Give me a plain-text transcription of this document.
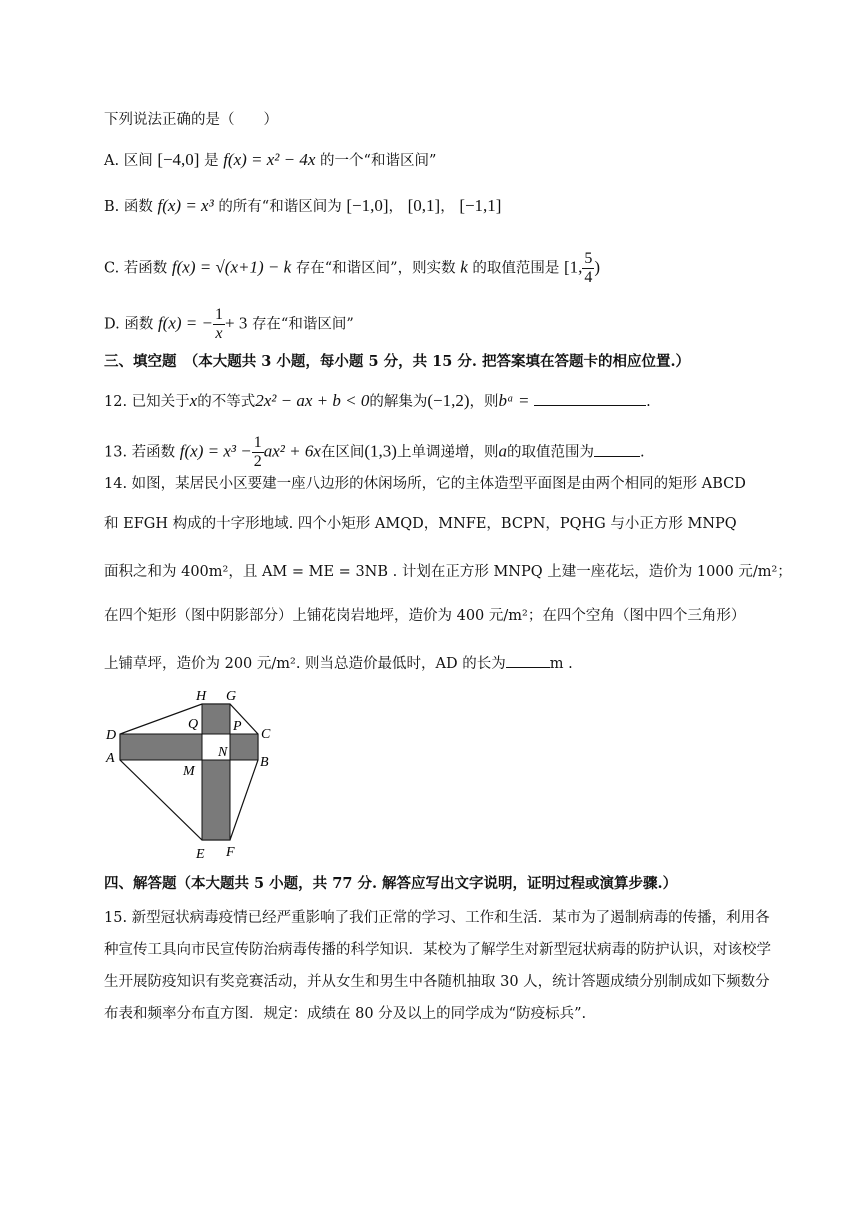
下列说法正确的是（　　）
A. 区间 [−4,0] 是 f(x) = x² − 4x 的一个“和谐区间”
B. 函数 f(x) = x³ 的所有“和谐区间为 [−1,0]， [0,1]， [−1,1]
C. 若函数 f(x) = √(x+1) − k 存在“和谐区间”，则实数 k 的取值范围是 [1, $\frac{5}{4}$ )
D. 函数 f(x) = − $\frac{1}{x} + 3$ 存在“和谐区间”
三、填空题　（本大题共 3 小题，每小题 5 分，共 15 分. 把答案填在答题卡的相应位置.）
12. 已知关于x的不等式2x² − ax + b < 0的解集为(−1,2)，则bᵃ =	.
13. 若函数 $f(x) = x^3 - \frac{1}{2} ax^2 + 6x$在区间(1,3)上单调递增，则a的取值范围为	.
14. 如图，某居民小区要建一座八边形的休闲场所，它的主体造型平面图是由两个相同的矩形 ABCD
和 EFGH 构成的十字形地域. 四个小矩形 AMQD，MNFE，BCPN，PQHG 与小正方形 MNPQ
面积之和为 400m²，且 AM = ME = 3NB . 计划在正方形 MNPQ 上建一座花坛，造价为 1000 元/m²；
在四个矩形（图中阴影部分）上铺花岗岩地坪，造价为 400 元/m²；在四个空角（图中四个三角形）
上铺草坪，造价为 200 元/m². 则当总造价最低时，AD 的长为	m .
H G
Q P
D	C
N
A
M
B
E F
四、解答题（本大题共 5 小题，共 77 分. 解答应写出文字说明，证明过程或演算步骤.）
15. 新型冠状病毒疫情已经严重影响了我们正常的学习、工作和生活．某市为了遏制病毒的传播，利用各种宣传工具向市民宣传防治病毒传播的科学知识．某校为了解学生对新型冠状病毒的防护认识，对该校学生开展防疫知识有奖竞赛活动，并从女生和男生中各随机抽取 30 人，统计答题成绩分别制成如下频数分布表和频率分布直方图．规定：成绩在 80 分及以上的同学成为“防疫标兵”.
